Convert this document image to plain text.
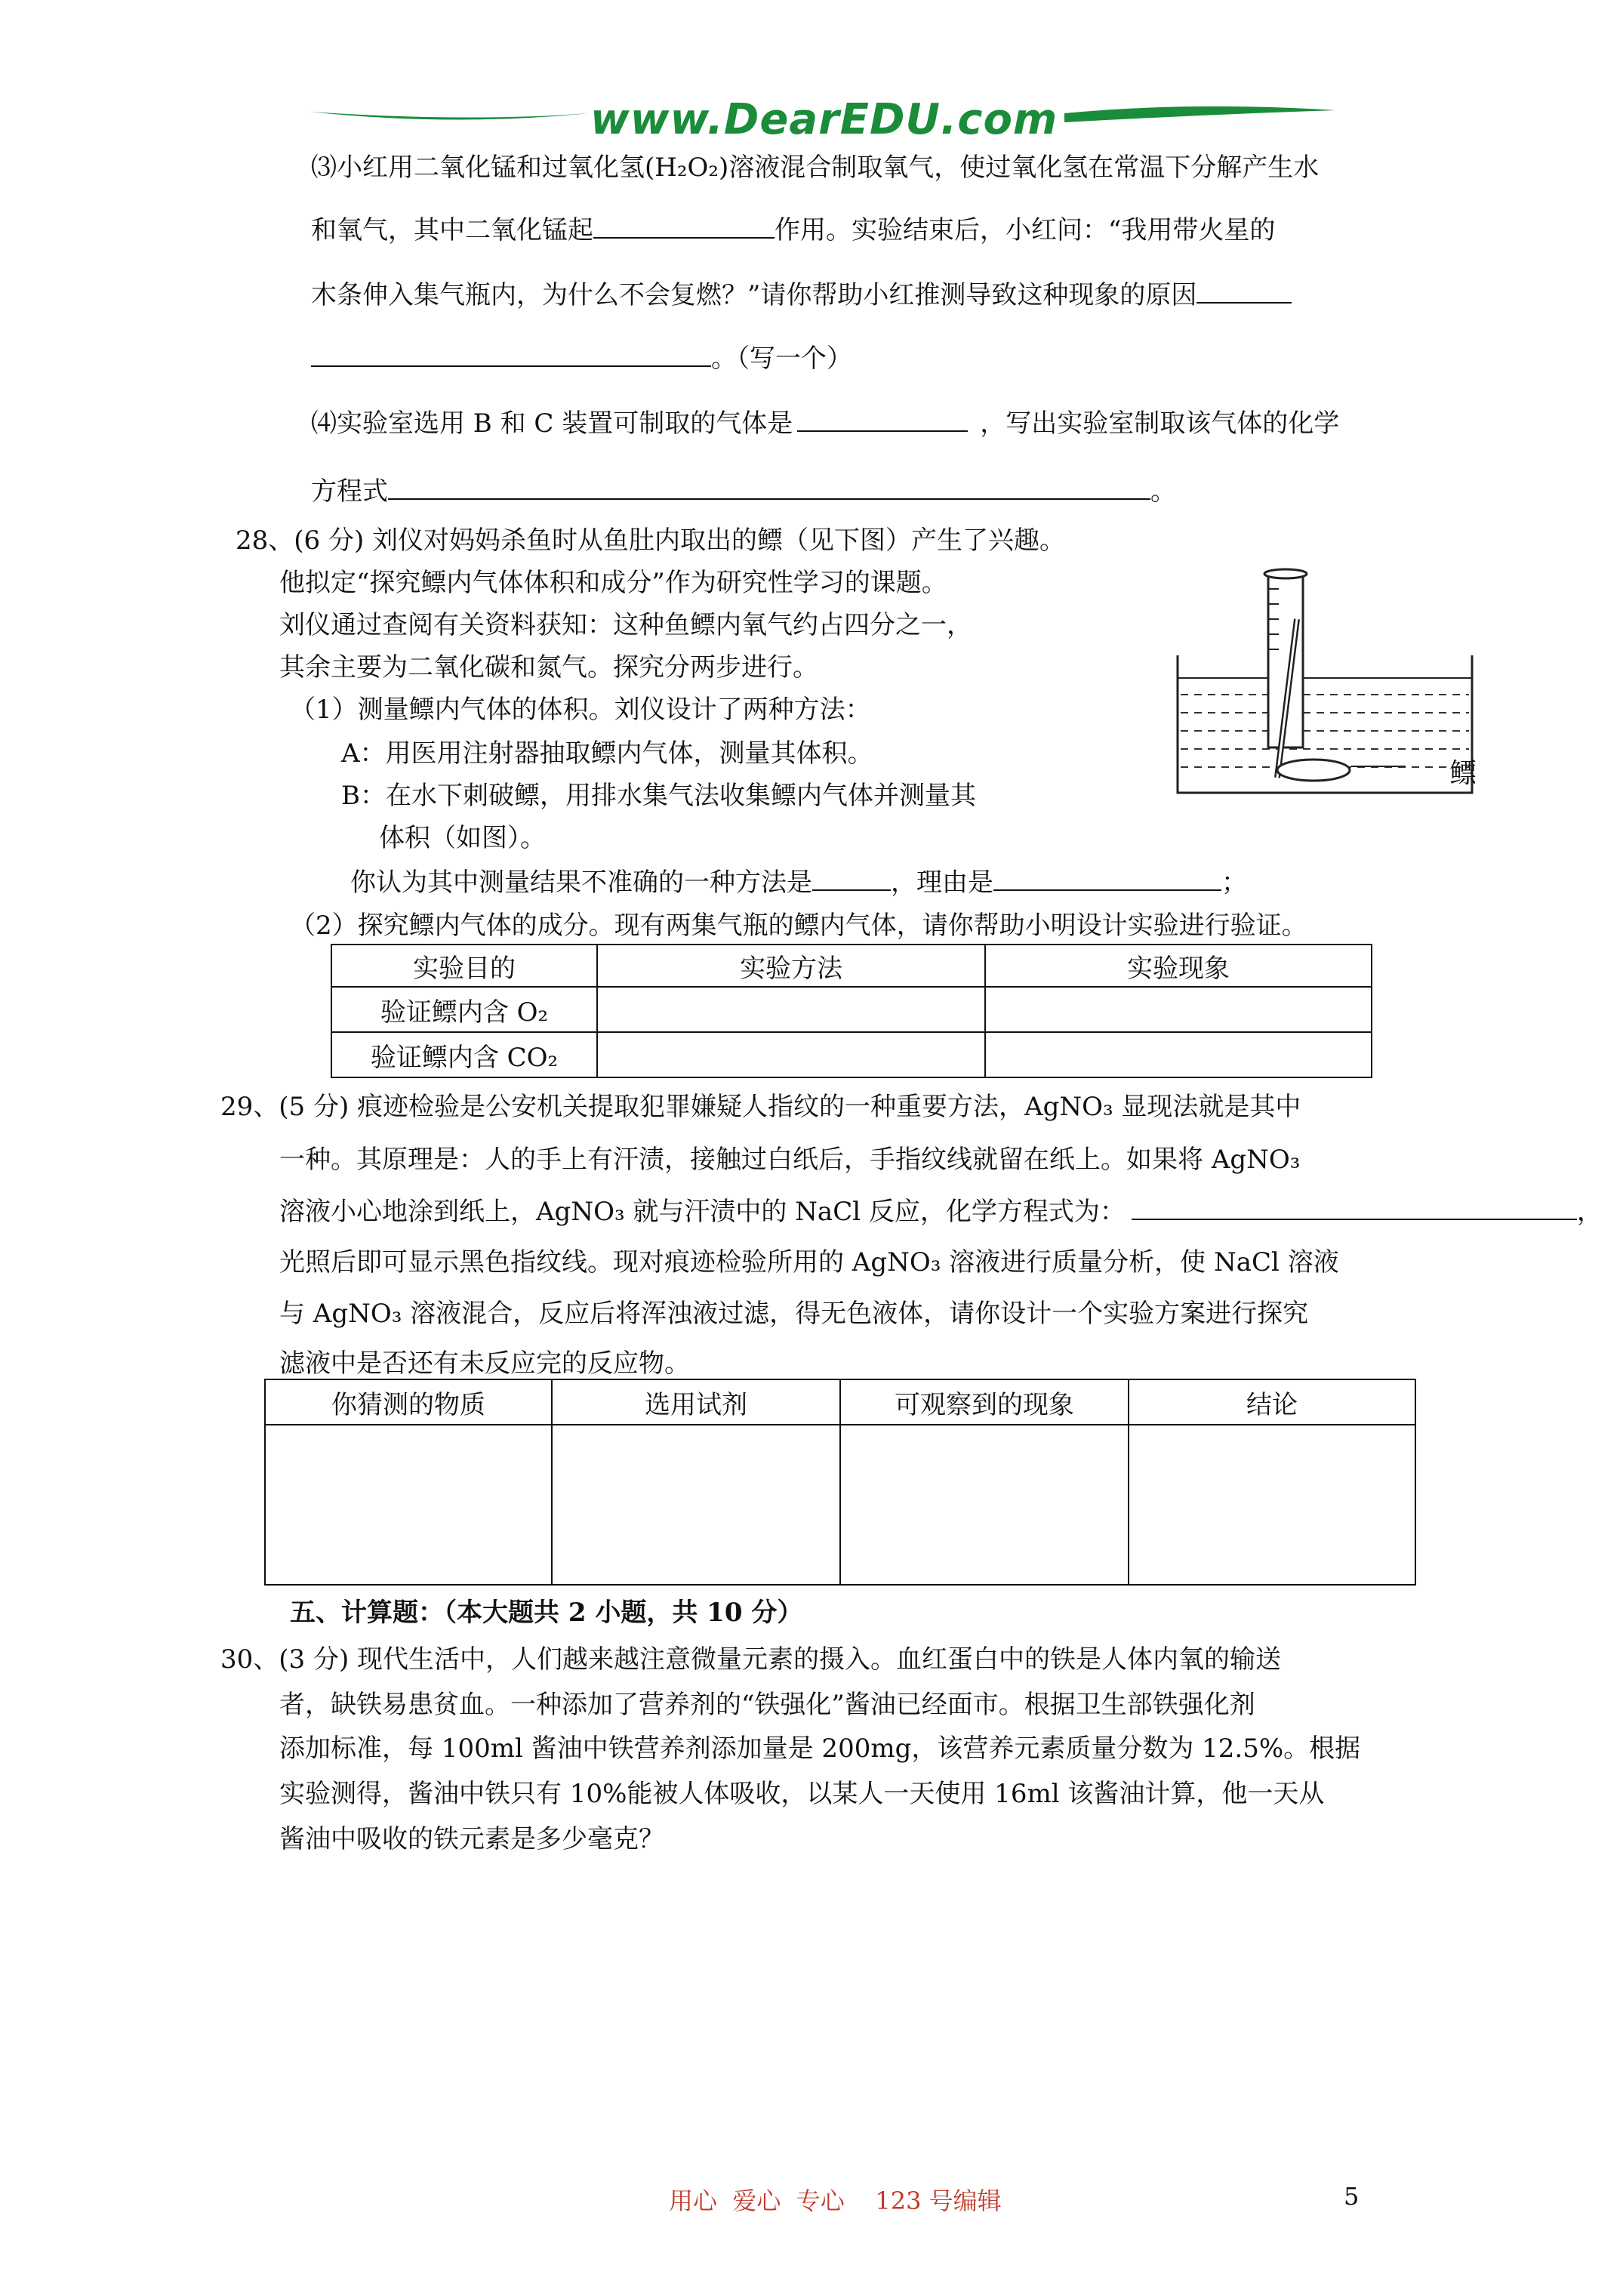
www.DearEDU.com
⑶小红用二氧化锰和过氧化氢(H₂O₂)溶液混合制取氧气，使过氧化氢在常温下分解产生水
和氧气，其中二氧化锰起	作用。实验结束后，小红问：“我用带火星的
木条伸入集气瓶内，为什么不会复燃？”请你帮助小红推测导致这种现象的原因
。（写一个）
⑷实验室选用 B 和 C 装置可制取的气体是	，写出实验室制取该气体的化学
方程式	。
28、(6 分) 刘仪对妈妈杀鱼时从鱼肚内取出的鳔（见下图）产生了兴趣。
他拟定“探究鳔内气体体积和成分”作为研究性学习的课题。
刘仪通过查阅有关资料获知：这种鱼鳔内氧气约占四分之一，
其余主要为二氧化碳和氮气。探究分两步进行。
（1）测量鳔内气体的体积。刘仪设计了两种方法：
A：用医用注射器抽取鳔内气体，测量其体积。
B：在水下刺破鳔，用排水集气法收集鳔内气体并测量其
体积（如图）。
你认为其中测量结果不准确的一种方法是	，理由是	；
（2）探究鳔内气体的成分。现有两集气瓶的鳔内气体，请你帮助小明设计实验进行验证。
鳔
实验目的	实验方法	实验现象
验证鳔内含 O₂		
验证鳔内含 CO₂		
29、(5 分) 痕迹检验是公安机关提取犯罪嫌疑人指纹的一种重要方法，AgNO₃ 显现法就是其中
一种。其原理是：人的手上有汗渍，接触过白纸后，手指纹线就留在纸上。如果将 AgNO₃
溶液小心地涂到纸上，AgNO₃ 就与汗渍中的 NaCl 反应，化学方程式为：	，
光照后即可显示黑色指纹线。现对痕迹检验所用的 AgNO₃ 溶液进行质量分析，使 NaCl 溶液
与 AgNO₃ 溶液混合，反应后将浑浊液过滤，得无色液体，请你设计一个实验方案进行探究
滤液中是否还有未反应完的反应物。
你猜测的物质	选用试剂	可观察到的现象	结论

五、计算题：（本大题共 2 小题，共 10 分）
30、(3 分) 现代生活中，人们越来越注意微量元素的摄入。血红蛋白中的铁是人体内氧的输送
者，缺铁易患贫血。一种添加了营养剂的“铁强化”酱油已经面市。根据卫生部铁强化剂
添加标准，每 100ml 酱油中铁营养剂添加量是 200mg，该营养元素质量分数为 12.5%。根据
实验测得，酱油中铁只有 10%能被人体吸收，以某人一天使用 16ml 该酱油计算，他一天从
酱油中吸收的铁元素是多少毫克？
用心  爱心  专心    123 号编辑	5
